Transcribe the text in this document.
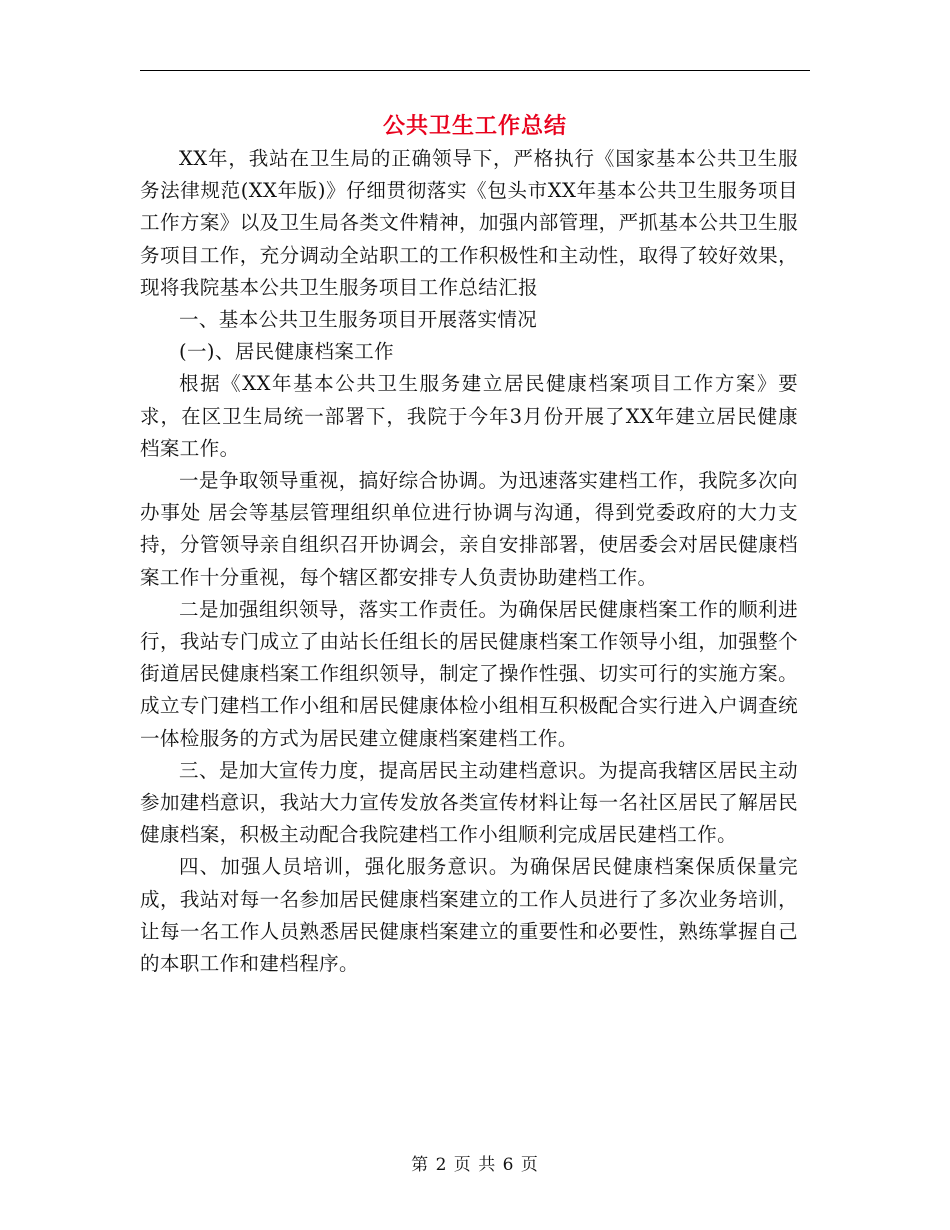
公共卫生工作总结

XX年，我站在卫生局的正确领导下，严格执行《国家基本公共卫生服务法律规范(XX年版)》仔细贯彻落实《包头市XX年基本公共卫生服务项目工作方案》以及卫生局各类文件精神，加强内部管理，严抓基本公共卫生服务项目工作，充分调动全站职工的工作积极性和主动性，取得了较好效果，现将我院基本公共卫生服务项目工作总结汇报

一、基本公共卫生服务项目开展落实情况

(一)、居民健康档案工作

根据《XX年基本公共卫生服务建立居民健康档案项目工作方案》要求，在区卫生局统一部署下，我院于今年3月份开展了XX年建立居民健康档案工作。

一是争取领导重视，搞好综合协调。为迅速落实建档工作，我院多次向办事处 居会等基层管理组织单位进行协调与沟通，得到党委政府的大力支持，分管领导亲自组织召开协调会，亲自安排部署，使居委会对居民健康档案工作十分重视，每个辖区都安排专人负责协助建档工作。

二是加强组织领导，落实工作责任。为确保居民健康档案工作的顺利进行，我站专门成立了由站长任组长的居民健康档案工作领导小组，加强整个街道居民健康档案工作组织领导，制定了操作性强、切实可行的实施方案。成立专门建档工作小组和居民健康体检小组相互积极配合实行进入户调查统一体检服务的方式为居民建立健康档案建档工作。

三、是加大宣传力度，提高居民主动建档意识。为提高我辖区居民主动参加建档意识，我站大力宣传发放各类宣传材料让每一名社区居民了解居民健康档案，积极主动配合我院建档工作小组顺利完成居民建档工作。

四、加强人员培训，强化服务意识。为确保居民健康档案保质保量完成，我站对每一名参加居民健康档案建立的工作人员进行了多次业务培训，让每一名工作人员熟悉居民健康档案建立的重要性和必要性，熟练掌握自己的本职工作和建档程序。

第 2 页 共 6 页
